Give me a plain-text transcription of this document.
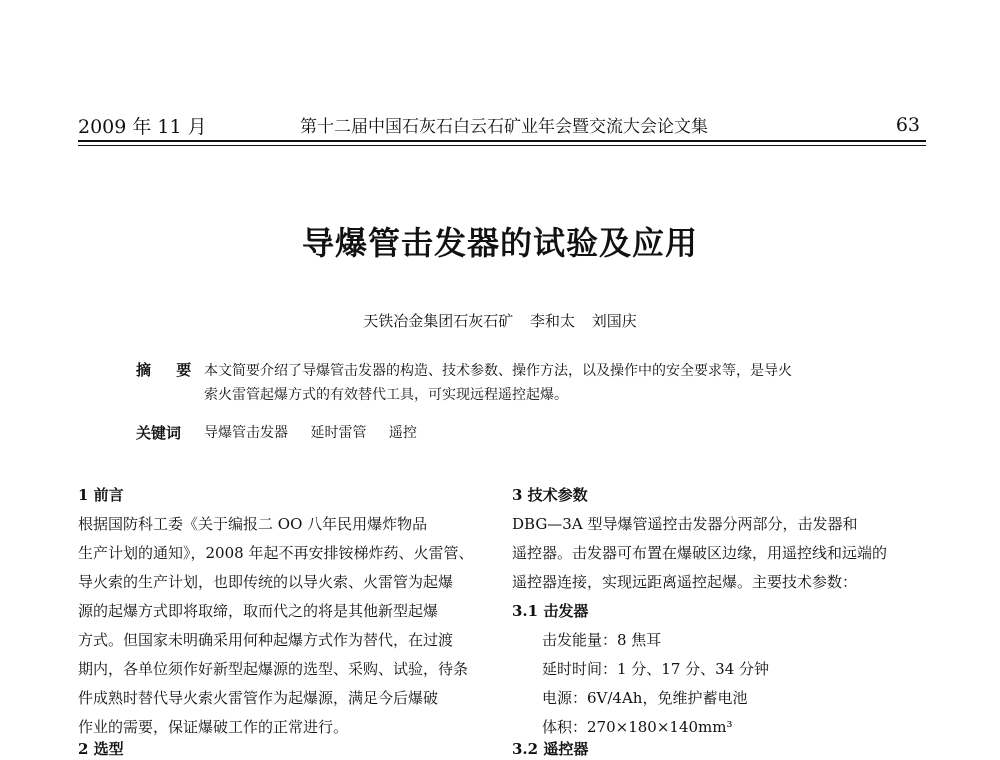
2009 年 11 月	第十二届中国石灰石白云石矿业年会暨交流大会论文集	63
导爆管击发器的试验及应用
天铁冶金集团石灰石矿 李和太 刘国庆
摘 要 本文简要介绍了导爆管击发器的构造、技术参数、操作方法，以及操作中的安全要求等，是导火
索火雷管起爆方式的有效替代工具，可实现远程遥控起爆。
关键词 导爆管击发器 延时雷管 遥控
1 前言
根据国防科工委《关于编报二 OO 八年民用爆炸物品
生产计划的通知》，2008 年起不再安排铵梯炸药、火雷管、
导火索的生产计划，也即传统的以导火索、火雷管为起爆
源的起爆方式即将取缔，取而代之的将是其他新型起爆
方式。但国家未明确采用何种起爆方式作为替代，在过渡
期内，各单位须作好新型起爆源的选型、采购、试验，待条
件成熟时替代导火索火雷管作为起爆源，满足今后爆破
作业的需要，保证爆破工作的正常进行。
2 选型
3 技术参数
DBG—3A 型导爆管遥控击发器分两部分，击发器和
遥控器。击发器可布置在爆破区边缘，用遥控线和远端的
遥控器连接，实现远距离遥控起爆。主要技术参数：
3.1 击发器
击发能量：8 焦耳
延时时间：1 分、17 分、34 分钟
电源：6V/4Ah，免维护蓄电池
体积：270×180×140mm³
3.2 遥控器
